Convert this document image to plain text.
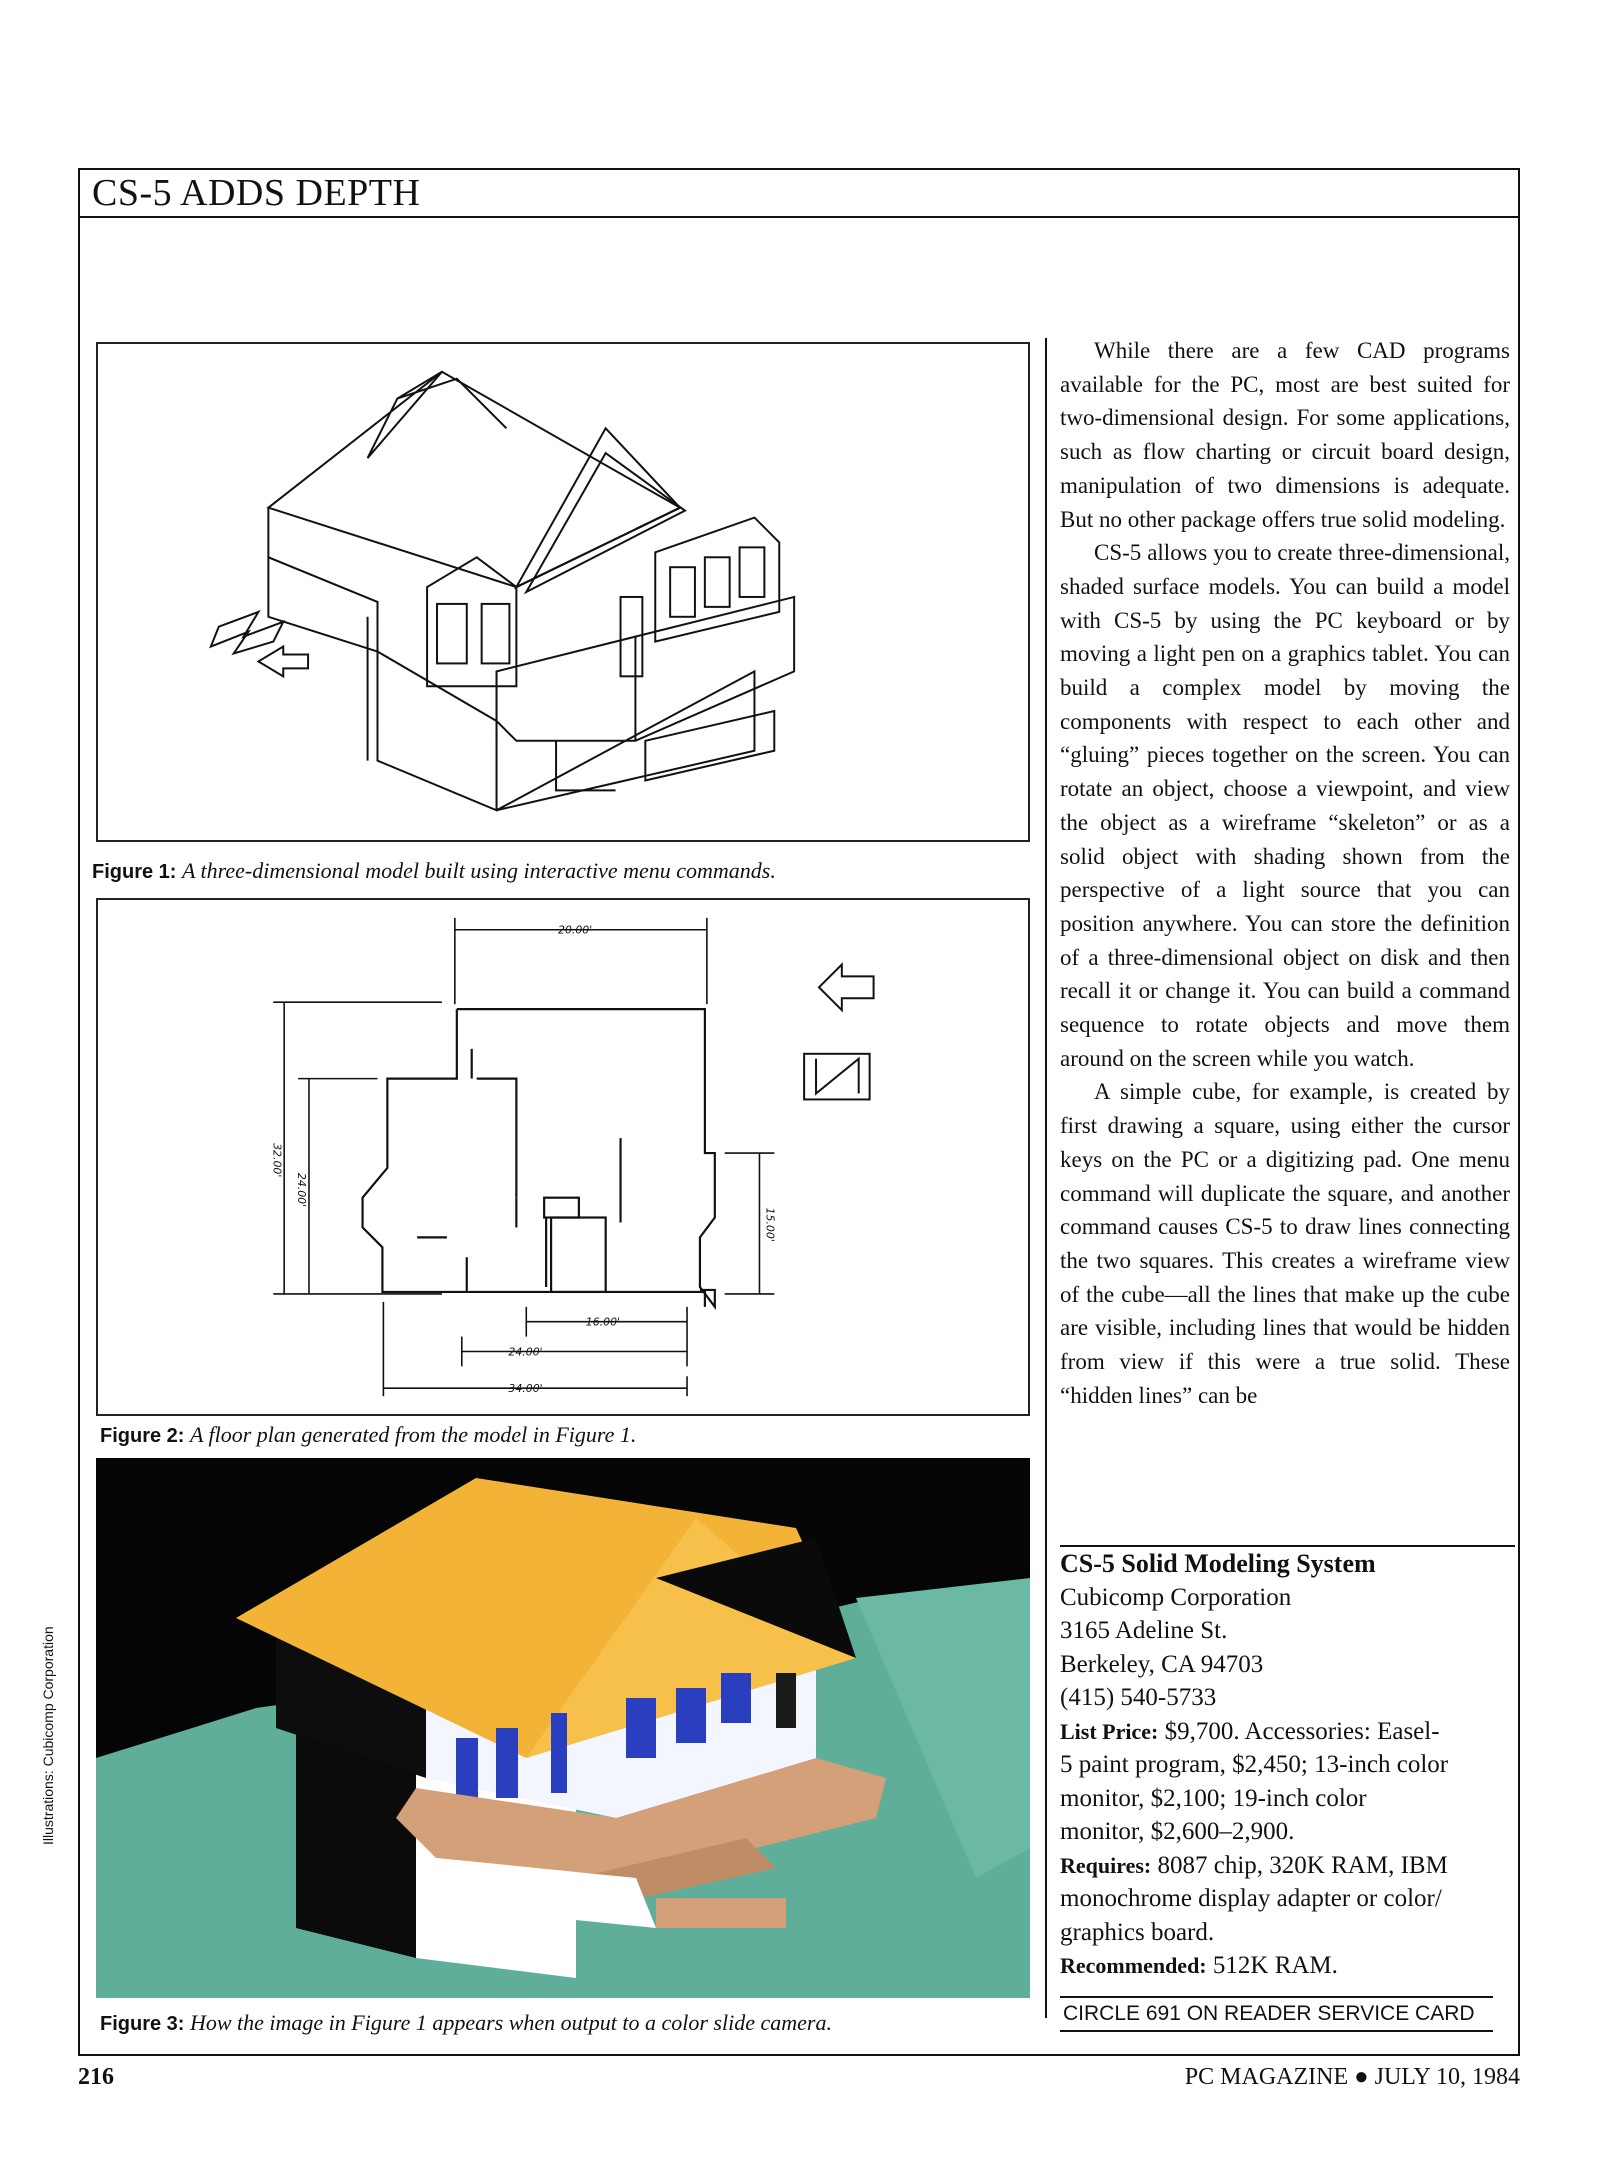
CS-5 ADDS DEPTH
Figure 1: A three-dimensional model built using interactive menu commands.
20.00'
32.00'
24.00'
15.00'
16.00'
24.00'
34.00'
Figure 2: A floor plan generated from the model in Figure 1.
Figure 3: How the image in Figure 1 appears when output to a color slide camera.

While there are a few CAD programs available for the PC, most are best suited for two-dimensional design. For some applications, such as flow charting or circuit board design, manipulation of two dimensions is adequate. But no other package offers true solid modeling.

CS-5 allows you to create three-dimensional, shaded surface models. You can build a model with CS-5 by using the PC keyboard or by moving a light pen on a graphics tablet. You can build a complex model by moving the components with respect to each other and “gluing” pieces together on the screen. You can rotate an object, choose a viewpoint, and view the object as a wireframe “skeleton” or as a solid object with shading shown from the perspective of a light source that you can position anywhere. You can store the definition of a three-dimensional object on disk and then recall it or change it. You can build a command sequence to rotate objects and move them around on the screen while you watch.

A simple cube, for example, is created by first drawing a square, using either the cursor keys on the PC or a digitizing pad. One menu command will duplicate the square, and another command causes CS-5 to draw lines connecting the two squares. This creates a wireframe view of the cube—all the lines that make up the cube are visible, including lines that would be hidden from view if this were a true solid. These “hidden lines” can be

CS-5 Solid Modeling System
Cubicomp Corporation
3165 Adeline St.
Berkeley, CA 94703
(415) 540-5733
List Price: $9,700. Accessories: Easel-
5 paint program, $2,450; 13-inch color
monitor, $2,100; 19-inch color
monitor, $2,600–2,900.
Requires: 8087 chip, 320K RAM, IBM
monochrome display adapter or color/
graphics board.
Recommended: 512K RAM.
CIRCLE 691 ON READER SERVICE CARD
Illustrations: Cubicomp Corporation
216	PC MAGAZINE ● JULY 10, 1984
